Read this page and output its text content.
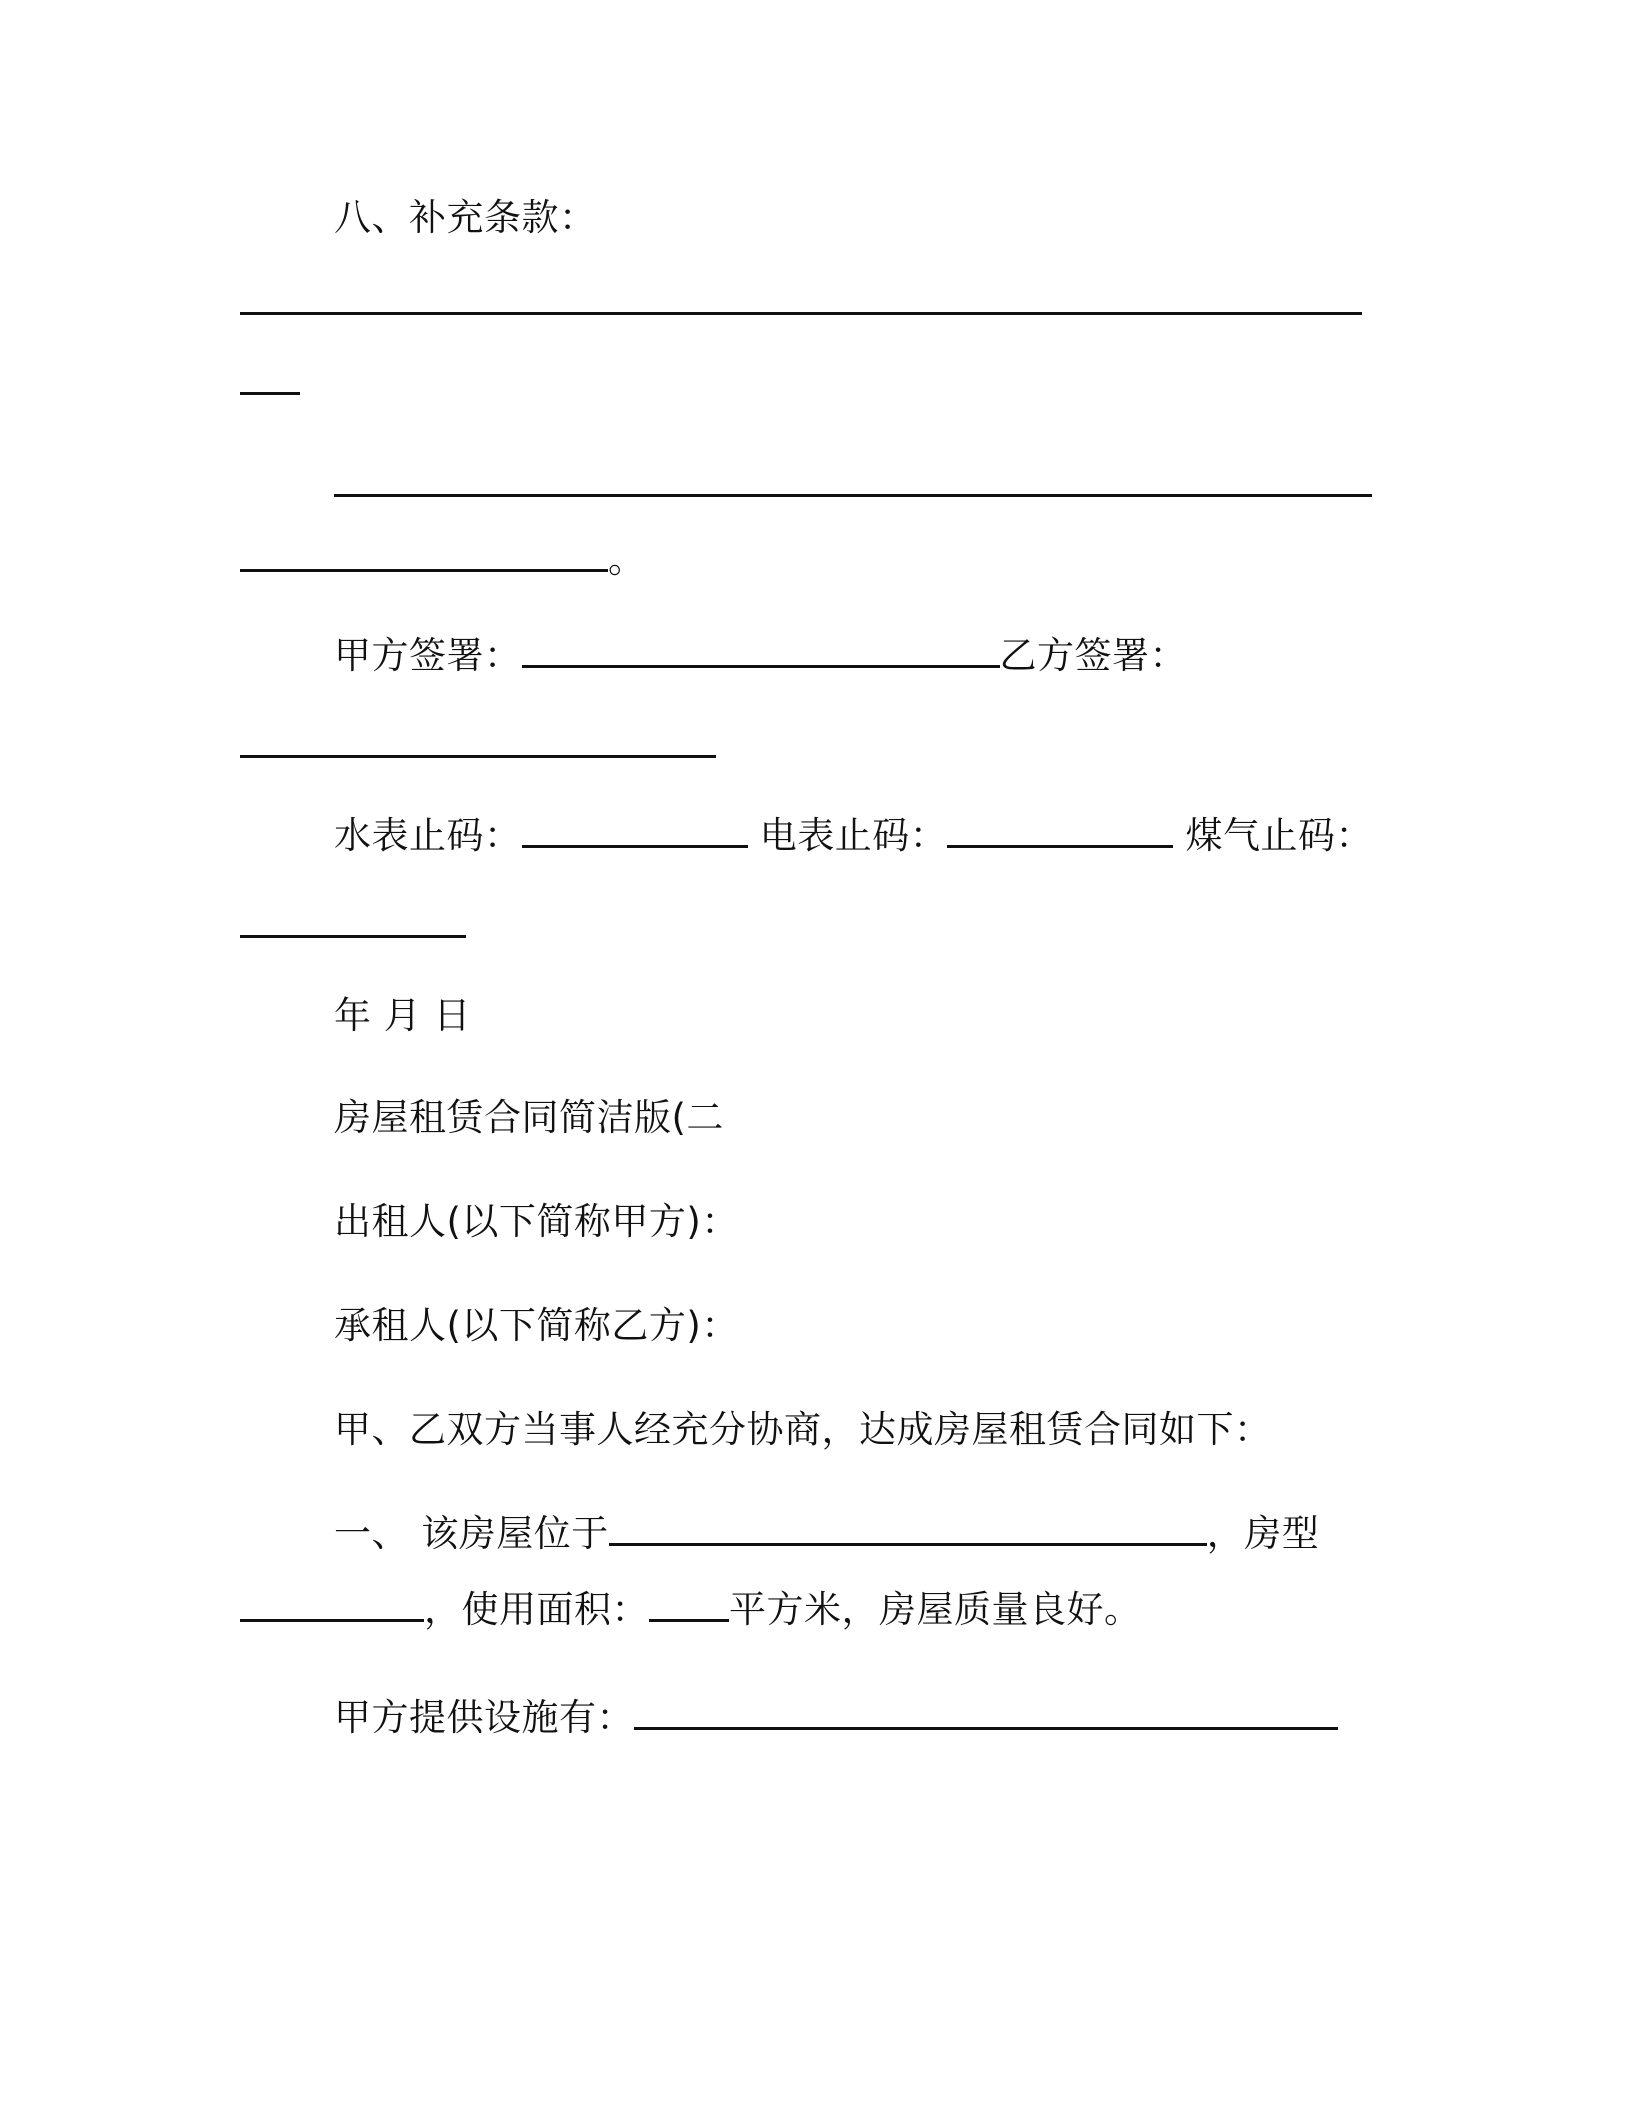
八、补充条款：
。
甲方签署：	乙方签署：
水表止码：	电表止码：	煤气止码：
年 月 日
房屋租赁合同简洁版(二
出租人(以下简称甲方)：
承租人(以下简称乙方)：
甲、乙双方当事人经充分协商，达成房屋租赁合同如下：
一、 该房屋位于	，房型
，使用面积： 平方米，房屋质量良好。
甲方提供设施有：
